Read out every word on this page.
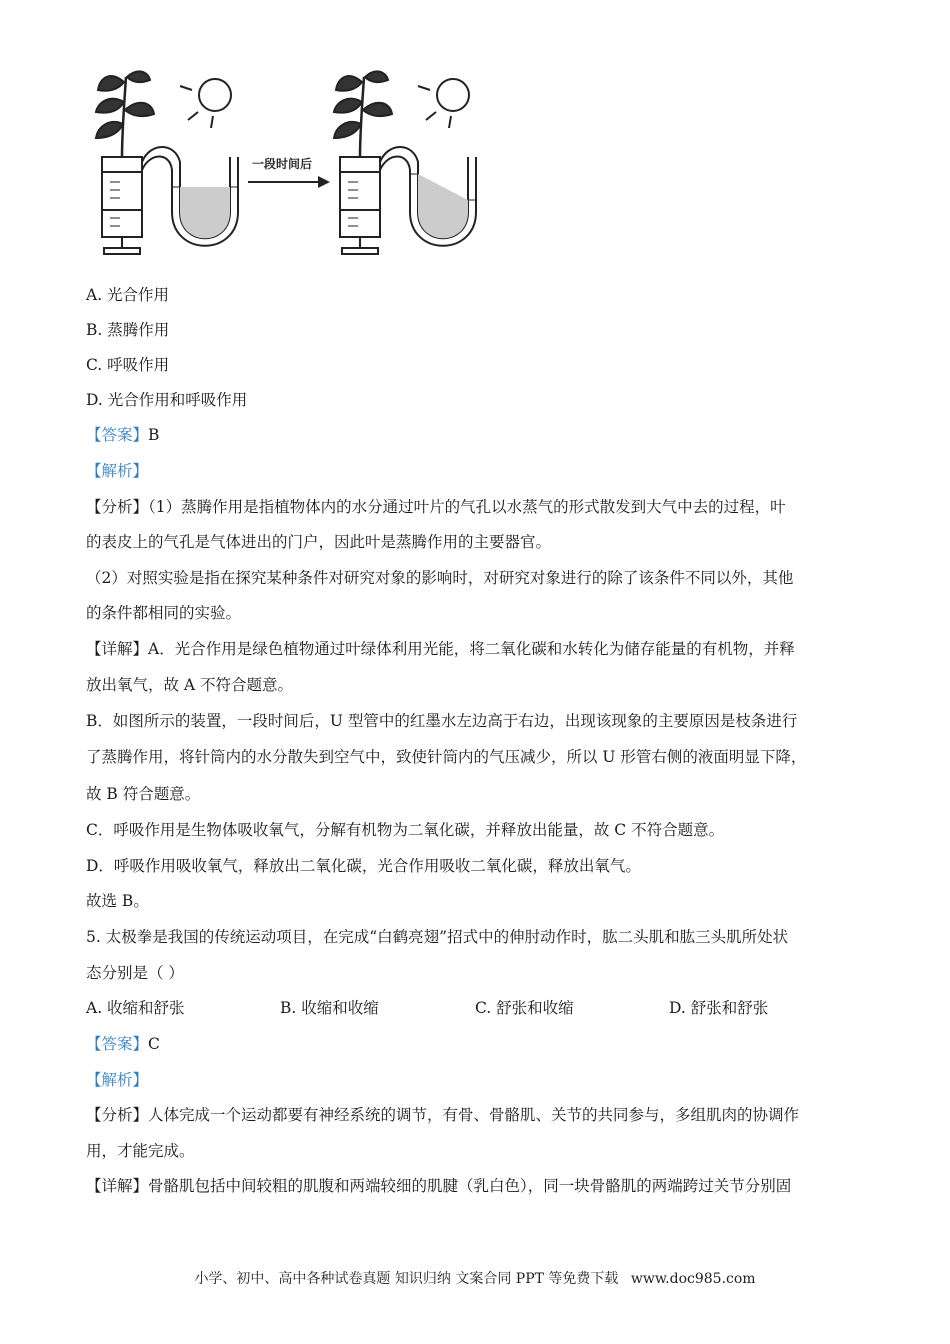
一段时间后
A. 光合作用
B. 蒸腾作用
C. 呼吸作用
D. 光合作用和呼吸作用
【答案】B
【解析】
【分析】（1）蒸腾作用是指植物体内的水分通过叶片的气孔以水蒸气的形式散发到大气中去的过程，叶
的表皮上的气孔是气体进出的门户，因此叶是蒸腾作用的主要器官。
（2）对照实验是指在探究某种条件对研究对象的影响时，对研究对象进行的除了该条件不同以外，其他
的条件都相同的实验。
【详解】A．光合作用是绿色植物通过叶绿体利用光能，将二氧化碳和水转化为储存能量的有机物，并释
放出氧气，故 A 不符合题意。
B．如图所示的装置，一段时间后，U 型管中的红墨水左边高于右边，出现该现象的主要原因是枝条进行
了蒸腾作用，将针筒内的水分散失到空气中，致使针筒内的气压减少，所以 U 形管右侧的液面明显下降，
故 B 符合题意。
C．呼吸作用是生物体吸收氧气，分解有机物为二氧化碳，并释放出能量，故 C 不符合题意。
D．呼吸作用吸收氧气，释放出二氧化碳，光合作用吸收二氧化碳，释放出氧气。
故选 B。
5. 太极拳是我国的传统运动项目，在完成“白鹤亮翅”招式中的伸肘动作时，肱二头肌和肱三头肌所处状
态分别是（ ）
A. 收缩和舒张	B. 收缩和收缩	C. 舒张和收缩	D. 舒张和舒张
【答案】C
【解析】
【分析】人体完成一个运动都要有神经系统的调节，有骨、骨骼肌、关节的共同参与，多组肌肉的协调作
用，才能完成。
【详解】骨骼肌包括中间较粗的肌腹和两端较细的肌腱（乳白色），同一块骨骼肌的两端跨过关节分别固
小学、初中、高中各种试卷真题 知识归纳 文案合同 PPT 等免费下载 www.doc985.com
